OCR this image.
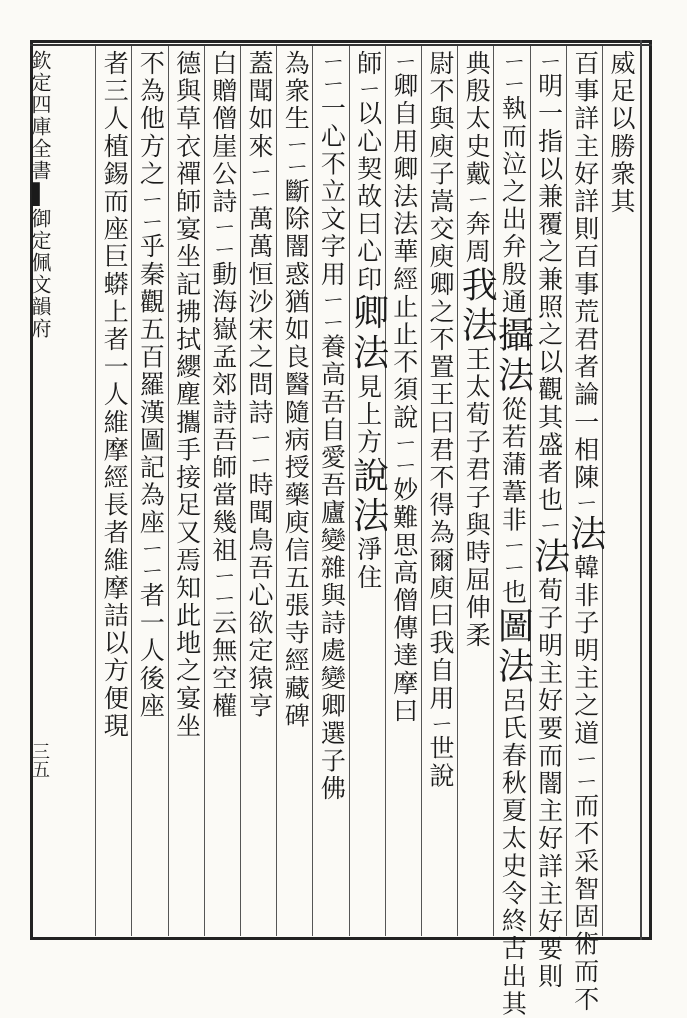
威足以勝衆其
百事詳主好詳則百事荒君者論一相陳ㄧ法韓非子明主之道ㄧㄧ而不采智固術而不
ㄧ明一指以兼覆之兼照之以觀其盛者也ㄧ法荀子明主好要而闇主好詳主好要則
ㄧㄧ執而泣之出弁殷通攝法從若蒲葦非ㄧㄧ也圖法呂氏春秋夏太史令終古出其
典殷太史戴ㄧ奔周我法王太荀子君子與時屈伸柔
尉不與庾子嵩交庾卿之不置王曰君不得為爾庾曰我自用ㄧ世說
ㄧ卿自用卿法法華經止止不須說ㄧㄧ妙難思高僧傳達摩曰
師ㄧ以心契故曰心印卿法見上方說法淨住
ㄧㄧ一心不立文字用ㄧㄧ養高吾自愛吾廬變雜與詩處變卿選子佛
為衆生ㄧㄧ斷除闇惑猶如良醫隨病授藥庾信五張寺經藏碑
蓋聞如來ㄧㄧ萬萬恒沙宋之問詩ㄧㄧ時聞鳥吾心欲定猿亨
白贈僧崖公詩ㄧㄧ動海嶽孟郊詩吾師當幾祖ㄧㄧ云無空權
德與草衣禪師宴坐記拂拭纓塵攜手接足又焉知此地之宴坐
不為他方之ㄧㄧ乎秦觀五百羅漢圖記為座ㄧㄧ者一人後座
者三人植錫而座巨蟒上者一人維摩經長者維摩詰以方便現
欽定四庫全書▌御定佩文韻府
三五
